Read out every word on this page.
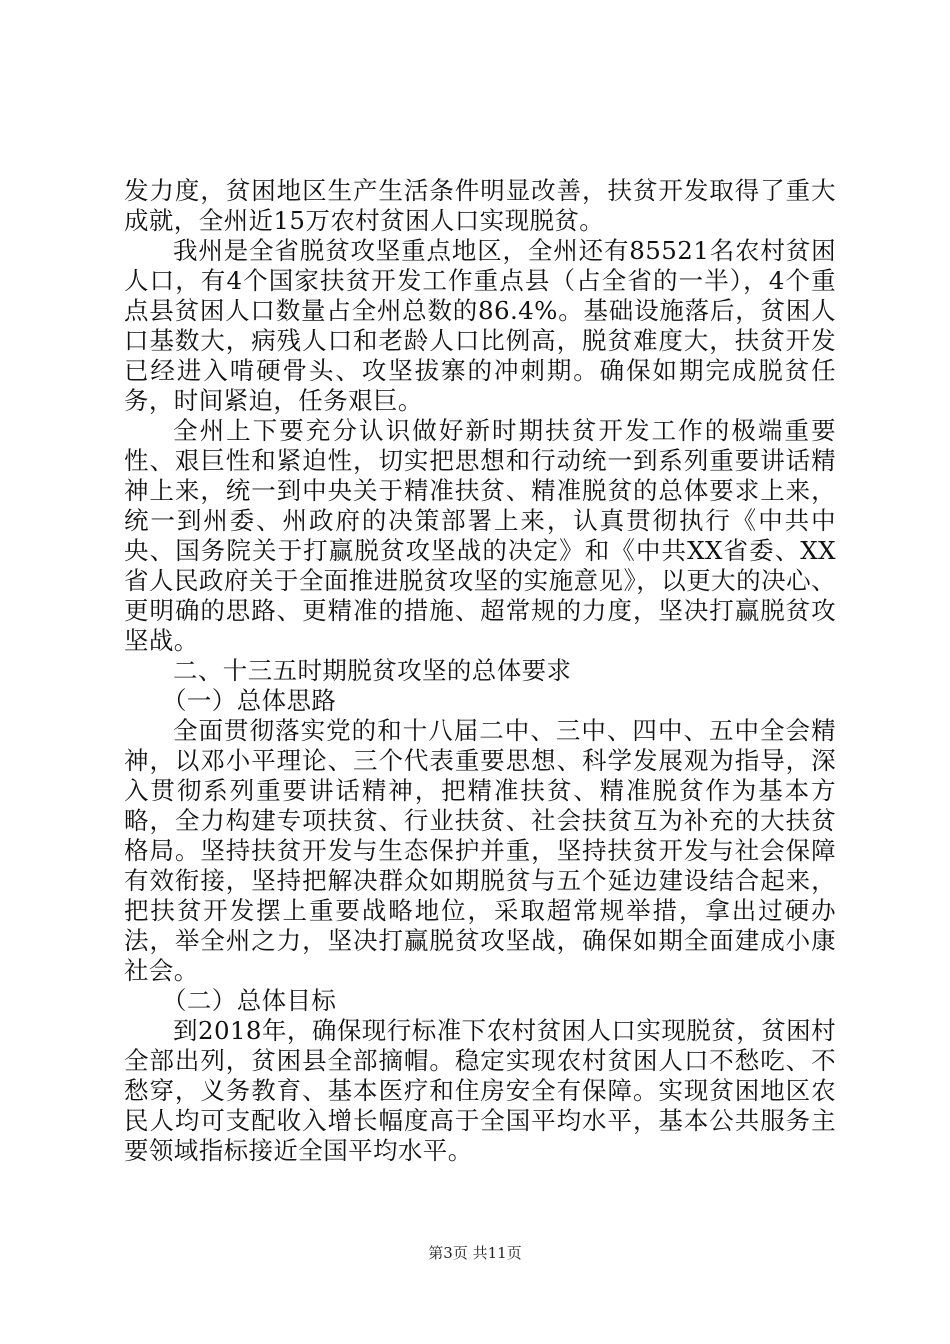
发力度，贫困地区生产生活条件明显改善，扶贫开发取得了重大成就，全州近15万农村贫困人口实现脱贫。

我州是全省脱贫攻坚重点地区，全州还有85521名农村贫困人口，有4个国家扶贫开发工作重点县（占全省的一半），4个重点县贫困人口数量占全州总数的86.4%。基础设施落后，贫困人口基数大，病残人口和老龄人口比例高，脱贫难度大，扶贫开发已经进入啃硬骨头、攻坚拔寨的冲刺期。确保如期完成脱贫任务，时间紧迫，任务艰巨。

全州上下要充分认识做好新时期扶贫开发工作的极端重要性、艰巨性和紧迫性，切实把思想和行动统一到系列重要讲话精神上来，统一到中央关于精准扶贫、精准脱贫的总体要求上来，统一到州委、州政府的决策部署上来，认真贯彻执行《中共中央、国务院关于打赢脱贫攻坚战的决定》和《中共XX省委、XX省人民政府关于全面推进脱贫攻坚的实施意见》，以更大的决心、更明确的思路、更精准的措施、超常规的力度，坚决打赢脱贫攻坚战。

二、十三五时期脱贫攻坚的总体要求

（一）总体思路

全面贯彻落实党的和十八届二中、三中、四中、五中全会精神，以邓小平理论、三个代表重要思想、科学发展观为指导，深入贯彻系列重要讲话精神，把精准扶贫、精准脱贫作为基本方略，全力构建专项扶贫、行业扶贫、社会扶贫互为补充的大扶贫格局。坚持扶贫开发与生态保护并重，坚持扶贫开发与社会保障有效衔接，坚持把解决群众如期脱贫与五个延边建设结合起来，把扶贫开发摆上重要战略地位，采取超常规举措，拿出过硬办法，举全州之力，坚决打赢脱贫攻坚战，确保如期全面建成小康社会。

（二）总体目标

到2018年，确保现行标准下农村贫困人口实现脱贫，贫困村全部出列，贫困县全部摘帽。稳定实现农村贫困人口不愁吃、不愁穿，义务教育、基本医疗和住房安全有保障。实现贫困地区农民人均可支配收入增长幅度高于全国平均水平，基本公共服务主要领域指标接近全国平均水平。

第3页 共11页
